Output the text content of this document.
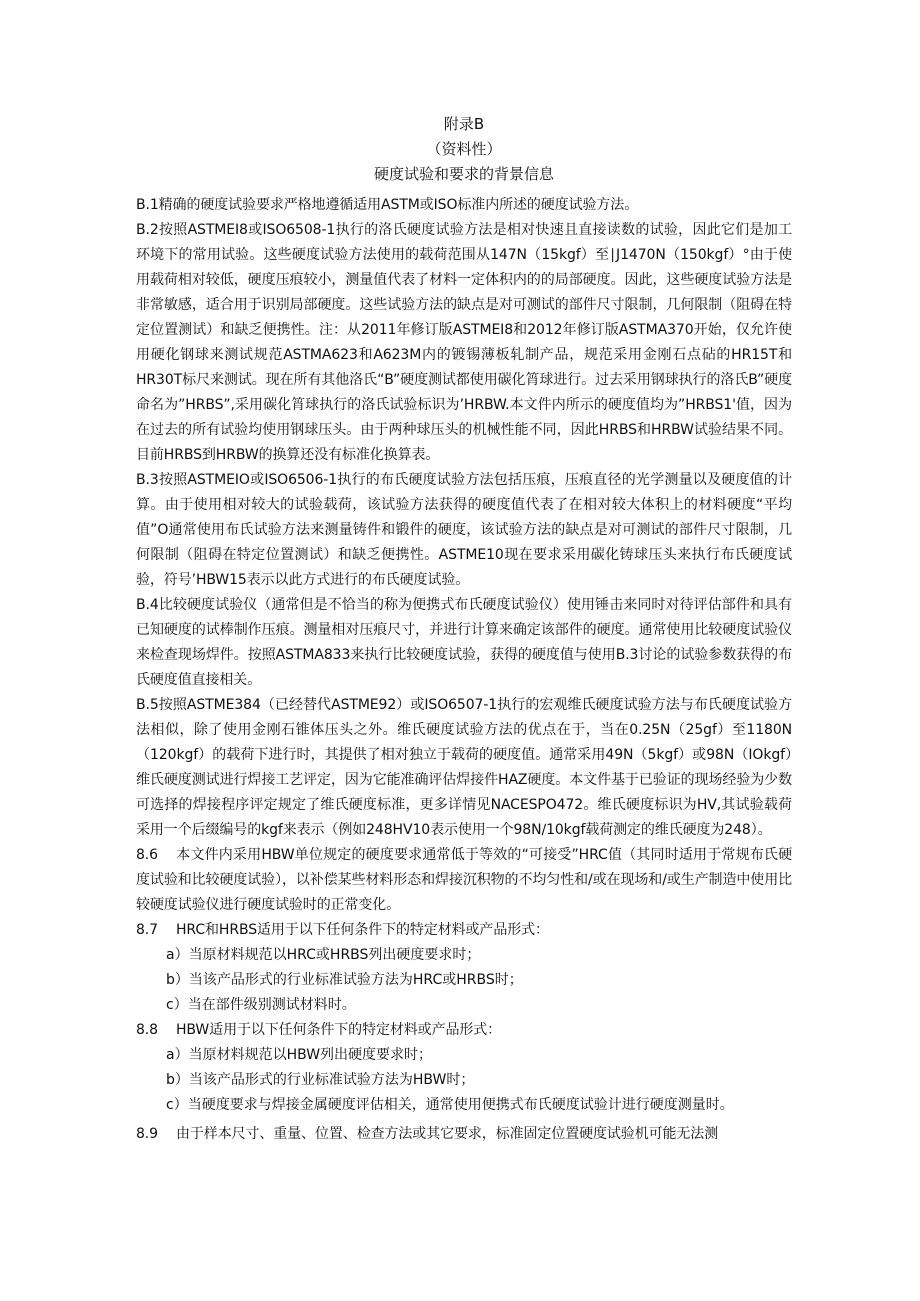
附录B
（资料性）
硬度试验和要求的背景信息

B.1精确的硬度试验要求严格地遵循适用ASTM或ISO标准内所述的硬度试验方法。

B.2按照ASTMEI8或ISO6508-1执行的洛氏硬度试验方法是相对快速且直接读数的试验，因此它们是加工环境下的常用试验。这些硬度试验方法使用的载荷范围从147N（15kgf）至∣J1470N（150kgf）°由于使用载荷相对较低，硬度压痕较小，测量值代表了材料一定体积内的的局部硬度。因此，这些硬度试验方法是非常敏感，适合用于识别局部硬度。这些试验方法的缺点是对可测试的部件尺寸限制，几何限制（阻碍在特定位置测试）和缺乏便携性。注：从2011年修订版ASTMEI8和2012年修订版ASTMA370开始，仅允许使用硬化钢球来测试规范ASTMA623和A623M内的镀锡薄板轧制产品，规范采用金刚石点砧的HR15T和HR30T标尺来测试。现在所有其他洛氏“B”硬度测试都使用碳化筲球进行。过去采用钢球执行的洛氏B”硬度命名为”HRBS”,采用碳化筲球执行的洛氏试验标识为’HRBW.本文件内所示的硬度值均为”HRBS1'值，因为在过去的所有试验均使用钢球压头。由于两种球压头的机械性能不同，因此HRBS和HRBW试验结果不同。目前HRBS到HRBW的换算还没有标准化换算表。

B.3按照ASTMEIO或ISO6506-1执行的布氏硬度试验方法包括压痕，压痕直径的光学测量以及硬度值的计算。由于使用相对较大的试验载荷，该试验方法获得的硬度值代表了在相对较大体积上的材料硬度“平均值”O通常使用布氏试验方法来测量铸件和锻件的硬度，该试验方法的缺点是对可测试的部件尺寸限制，几何限制（阻碍在特定位置测试）和缺乏便携性。ASTME10现在要求采用碳化铸球压头来执行布氏硬度试验，符号’HBW15表示以此方式进行的布氏硬度试验。

B.4比较硬度试验仪（通常但是不恰当的称为便携式布氏硬度试验仪）使用锤击来同时对待评估部件和具有已知硬度的试棒制作压痕。测量相对压痕尺寸，并进行计算来确定该部件的硬度。通常使用比较硬度试验仪来检查现场焊件。按照ASTMA833来执行比较硬度试验，获得的硬度值与使用B.3讨论的试验参数获得的布氏硬度值直接相关。

B.5按照ASTME384（已经替代ASTME92）或ISO6507-1执行的宏观维氏硬度试验方法与布氏硬度试验方法相似，除了使用金刚石锥体压头之外。维氏硬度试验方法的优点在于，当在0.25N（25gf）至1180N（120kgf）的载荷下进行时，其提供了相对独立于载荷的硬度值。通常采用49N（5kgf）或98N（IOkgf）维氏硬度测试进行焊接工艺评定，因为它能准确评估焊接件HAZ硬度。本文件基于已验证的现场经验为少数可选择的焊接程序评定规定了维氏硬度标准，更多详情见NACESPO472。维氏硬度标识为HV,其试验载荷采用一个后缀编号的kgf来表示（例如248HV10表示使用一个98N∕10kgf载荷测定的维氏硬度为248）。

8.6 本文件内采用HBW单位规定的硬度要求通常低于等效的“可接受”HRC值（其同时适用于常规布氏硬度试验和比较硬度试验），以补偿某些材料形态和焊接沉积物的不均匀性和/或在现场和/或生产制造中使用比较硬度试验仪进行硬度试验时的正常变化。

8.7 HRC和HRBS适用于以下任何条件下的特定材料或产品形式：

a）当原材料规范以HRC或HRBS列出硬度要求时；

b）当该产品形式的行业标准试验方法为HRC或HRBS时；

c）当在部件级别测试材料时。

8.8 HBW适用于以下任何条件下的特定材料或产品形式：

a）当原材料规范以HBW列出硬度要求时；

b）当该产品形式的行业标准试验方法为HBW时；

c）当硬度要求与焊接金属硬度评估相关，通常使用便携式布氏硬度试验计进行硬度测量时。

8.9 由于样本尺寸、重量、位置、检查方法或其它要求，标准固定位置硬度试验机可能无法测
